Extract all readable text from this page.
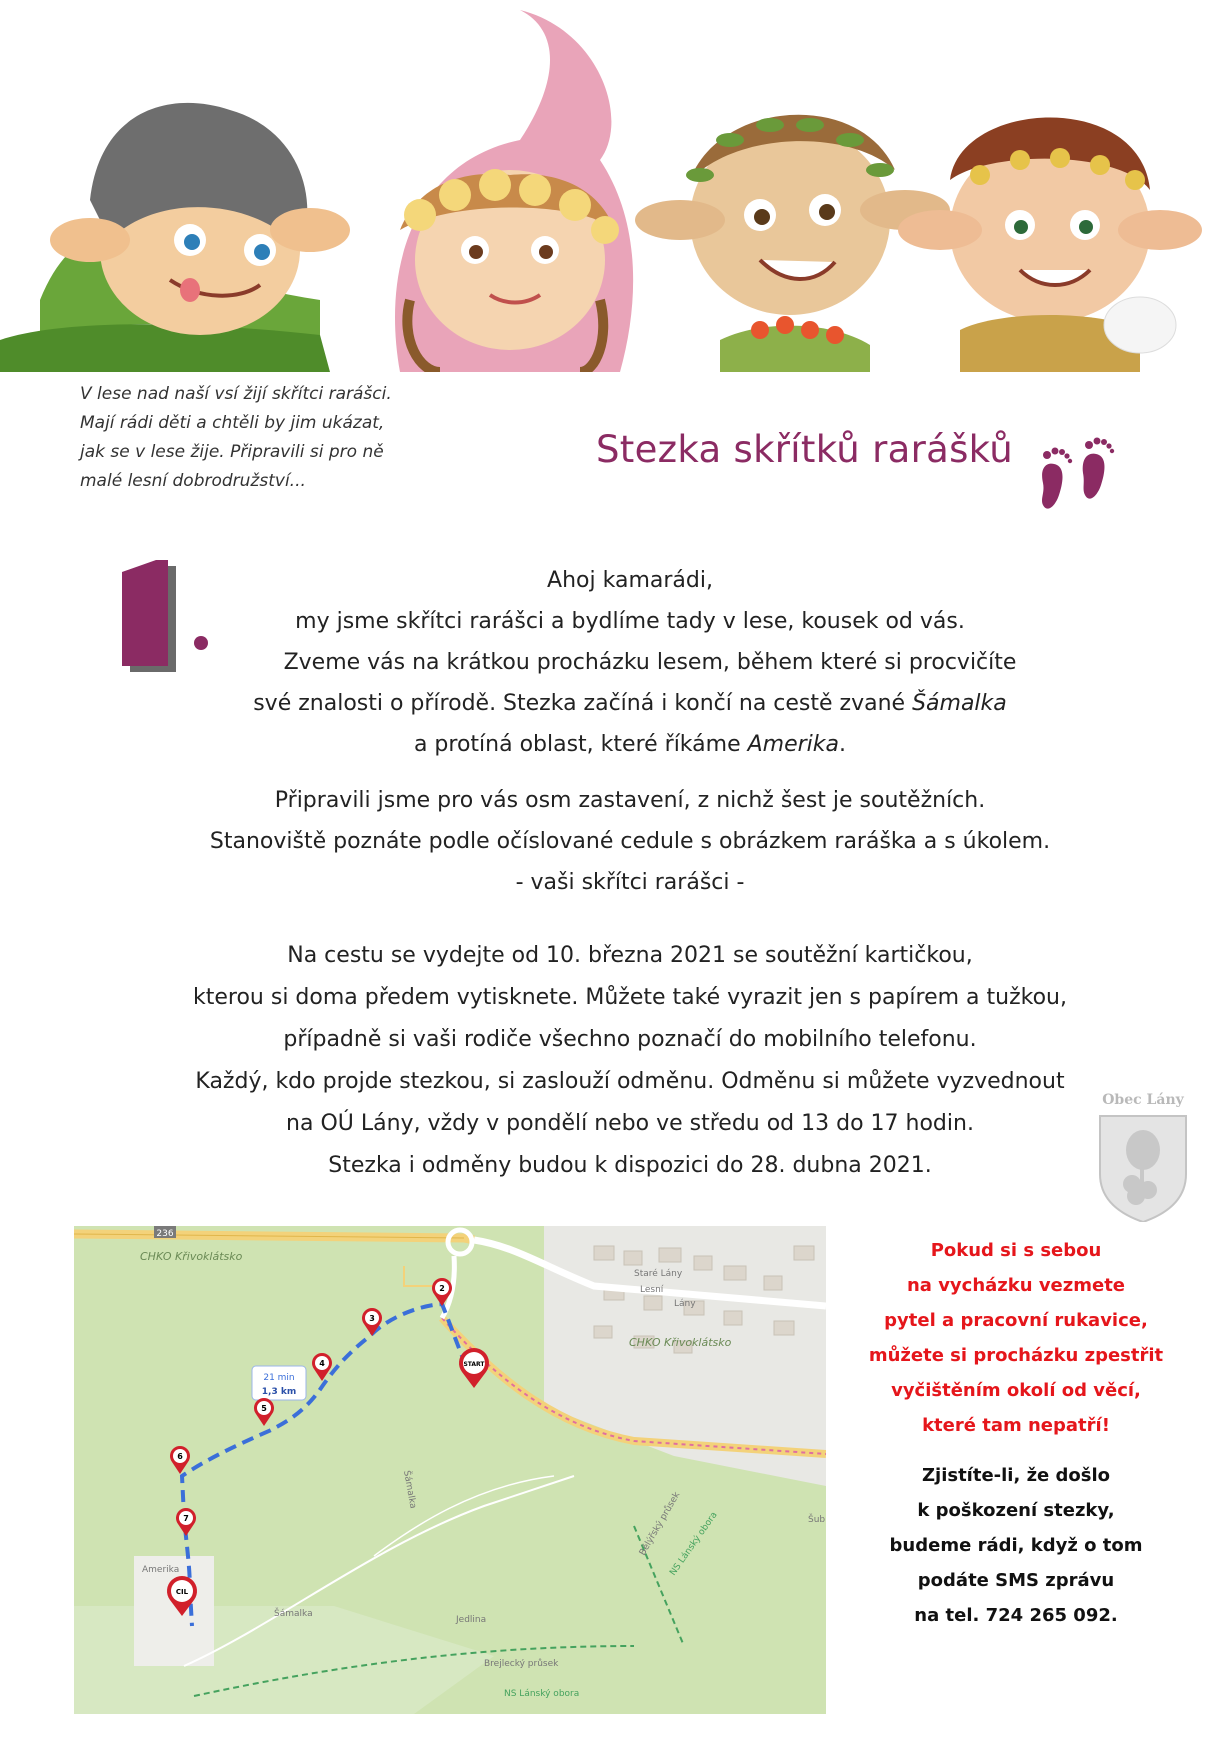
V lese nad naší vsí žijí skřítci rarášci.
Mají rádi děti a chtěli by jim ukázat,
jak se v lese žije. Připravili si pro ně
malé lesní dobrodružství...
Stezka skřítků rarášků
Ahoj kamarádi,
my jsme skřítci rarášci a bydlíme tady v lese, kousek od vás.
Zveme vás na krátkou procházku lesem, během které si procvičíte
své znalosti o přírodě. Stezka začíná i končí na cestě zvané Šámalka
a protíná oblast, které říkáme Amerika.
Připravili jsme pro vás osm zastavení, z nichž šest je soutěžních.
Stanoviště poznáte podle očíslované cedule s obrázkem raráška a s úkolem.
- vaši skřítci rarášci -
Na cestu se vydejte od 10. března 2021 se soutěžní kartičkou,
kterou si doma předem vytisknete. Můžete také vyrazit jen s papírem a tužkou,
případně si vaši rodiče všechno poznačí do mobilního telefonu.
Každý, kdo projde stezkou, si zaslouží odměnu. Odměnu si můžete vyzvednout
na OÚ Lány, vždy v pondělí nebo ve středu od 13 do 17 hodin.
Stezka i odměny budou k dispozici do 28. dubna 2021.
Obec Lány
236
CHKO Křivoklátsko
CHKO Křivoklátsko
Amerika
Jedlina
Šámalka
Staré Lány
Lány
Lesní
Šámalka
Brejlecký průsek
Bělýřský průsek
NS Lánský obora
NS Lánský obora	Šub
21 min
1,3 km
2
3
4
5
6
7
START
CIL
Pokud si s sebou
na vycházku vezmete
pytel a pracovní rukavice,
můžete si procházku zpestřit
vyčištěním okolí od věcí,
které tam nepatří!
Zjistíte-li, že došlo
k poškození stezky,
budeme rádi, když o tom
podáte SMS zprávu
na tel. 724 265 092.
